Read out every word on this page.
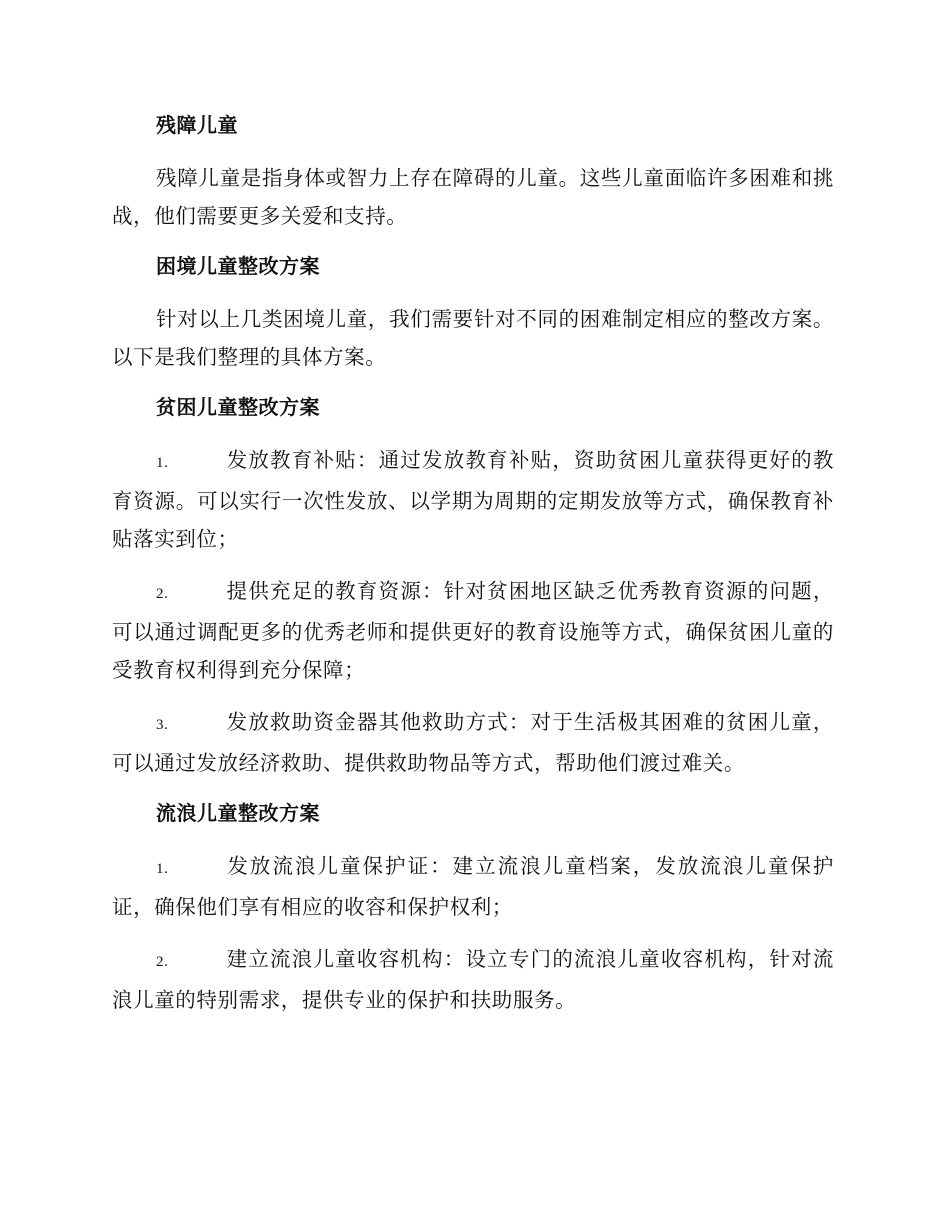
残障儿童

残障儿童是指身体或智力上存在障碍的儿童。这些儿童面临许多困难和挑战，他们需要更多关爱和支持。

困境儿童整改方案

针对以上几类困境儿童，我们需要针对不同的困难制定相应的整改方案。以下是我们整理的具体方案。

贫困儿童整改方案

1.	发放教育补贴：通过发放教育补贴，资助贫困儿童获得更好的教育资源。可以实行一次性发放、以学期为周期的定期发放等方式，确保教育补贴落实到位；

2.	提供充足的教育资源：针对贫困地区缺乏优秀教育资源的问题，可以通过调配更多的优秀老师和提供更好的教育设施等方式，确保贫困儿童的受教育权利得到充分保障；

3.	发放救助资金器其他救助方式：对于生活极其困难的贫困儿童，可以通过发放经济救助、提供救助物品等方式，帮助他们渡过难关。

流浪儿童整改方案

1.	发放流浪儿童保护证：建立流浪儿童档案，发放流浪儿童保护证，确保他们享有相应的收容和保护权利；

2.	建立流浪儿童收容机构：设立专门的流浪儿童收容机构，针对流浪儿童的特别需求，提供专业的保护和扶助服务。
